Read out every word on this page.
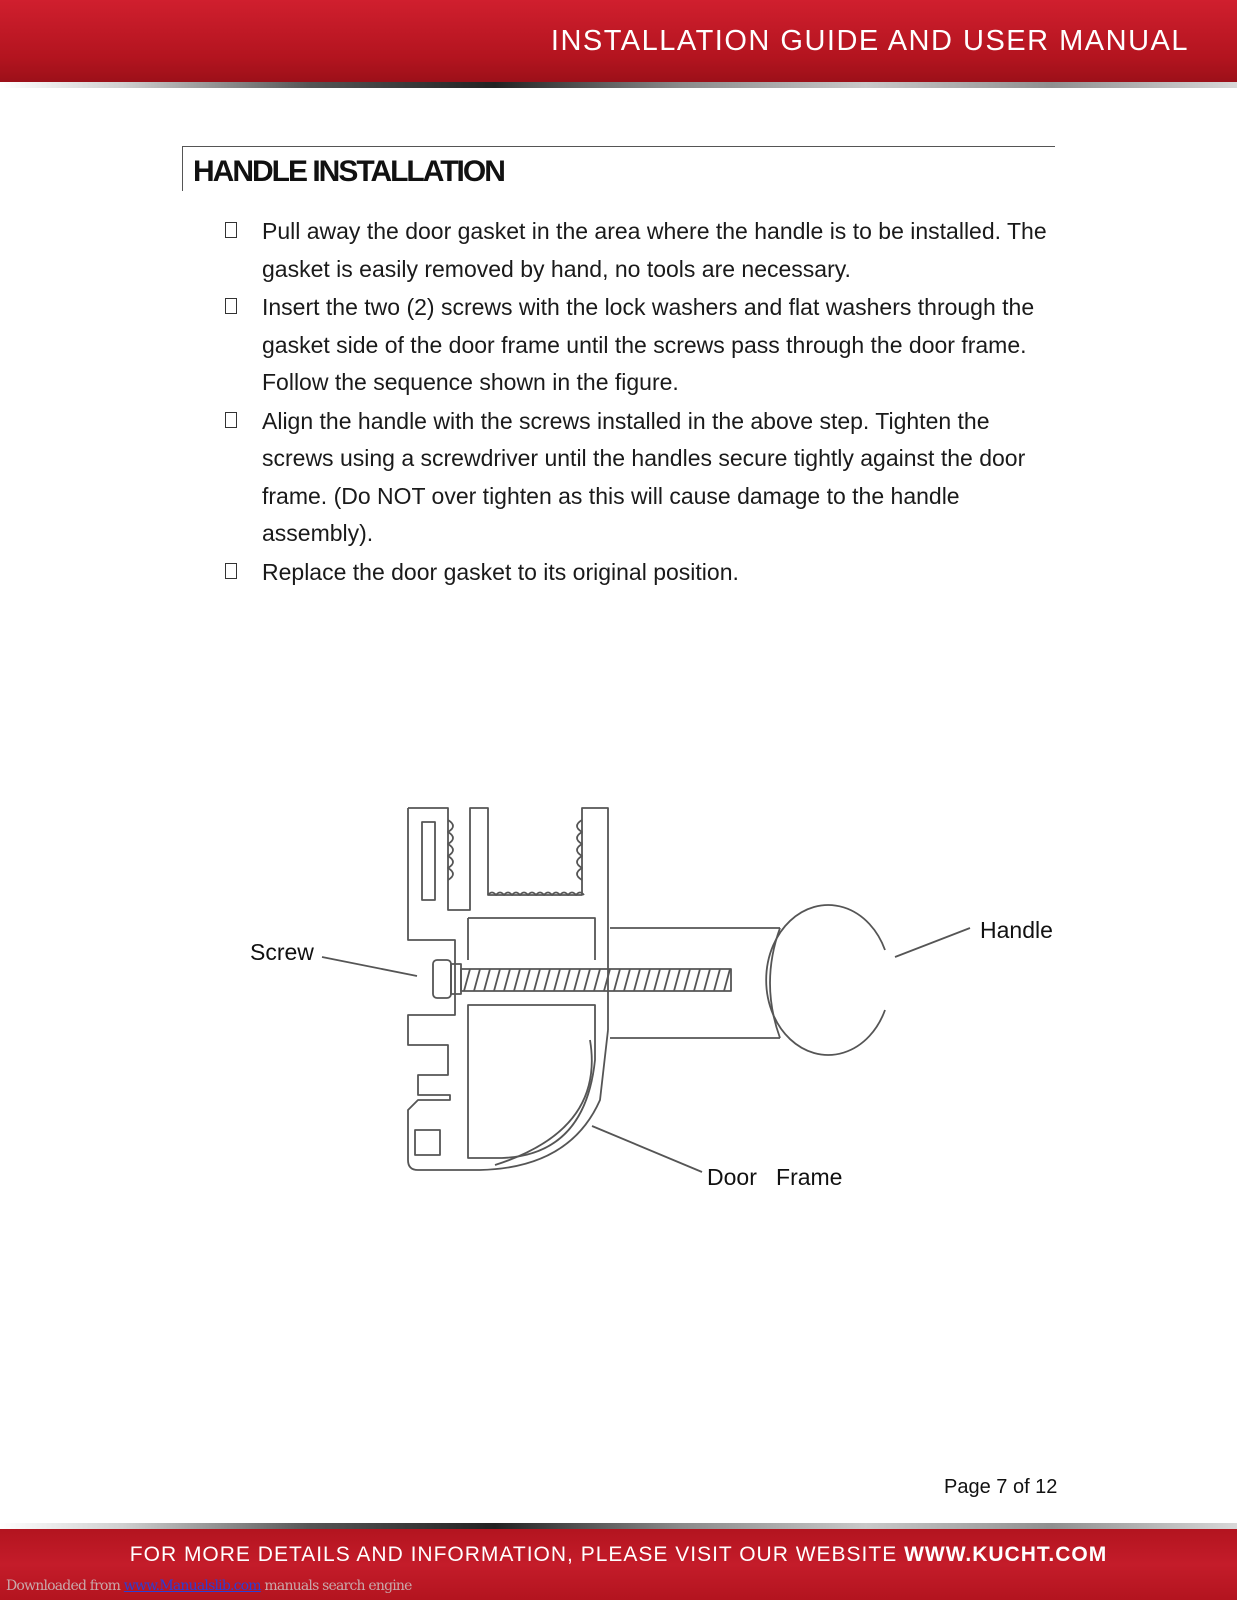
INSTALLATION GUIDE AND USER MANUAL
HANDLE INSTALLATION
Pull away the door gasket in the area where the handle is to be installed. The gasket is easily removed by hand, no tools are necessary.
Insert the two (2) screws with the lock washers and flat washers through the gasket side of the door frame until the screws pass through the door frame. Follow the sequence shown in the figure.
Align the handle with the screws installed in the above step. Tighten the screws using a screwdriver until the handles secure tightly against the door frame. (Do NOT over tighten as this will cause damage to the handle assembly).
Replace the door gasket to its original position.
Screw
Handle
Door   Frame
Page 7 of 12
FOR MORE DETAILS AND INFORMATION, PLEASE VISIT OUR WEBSITE WWW.KUCHT.COM
Downloaded from www.Manualslib.com manuals search engine
